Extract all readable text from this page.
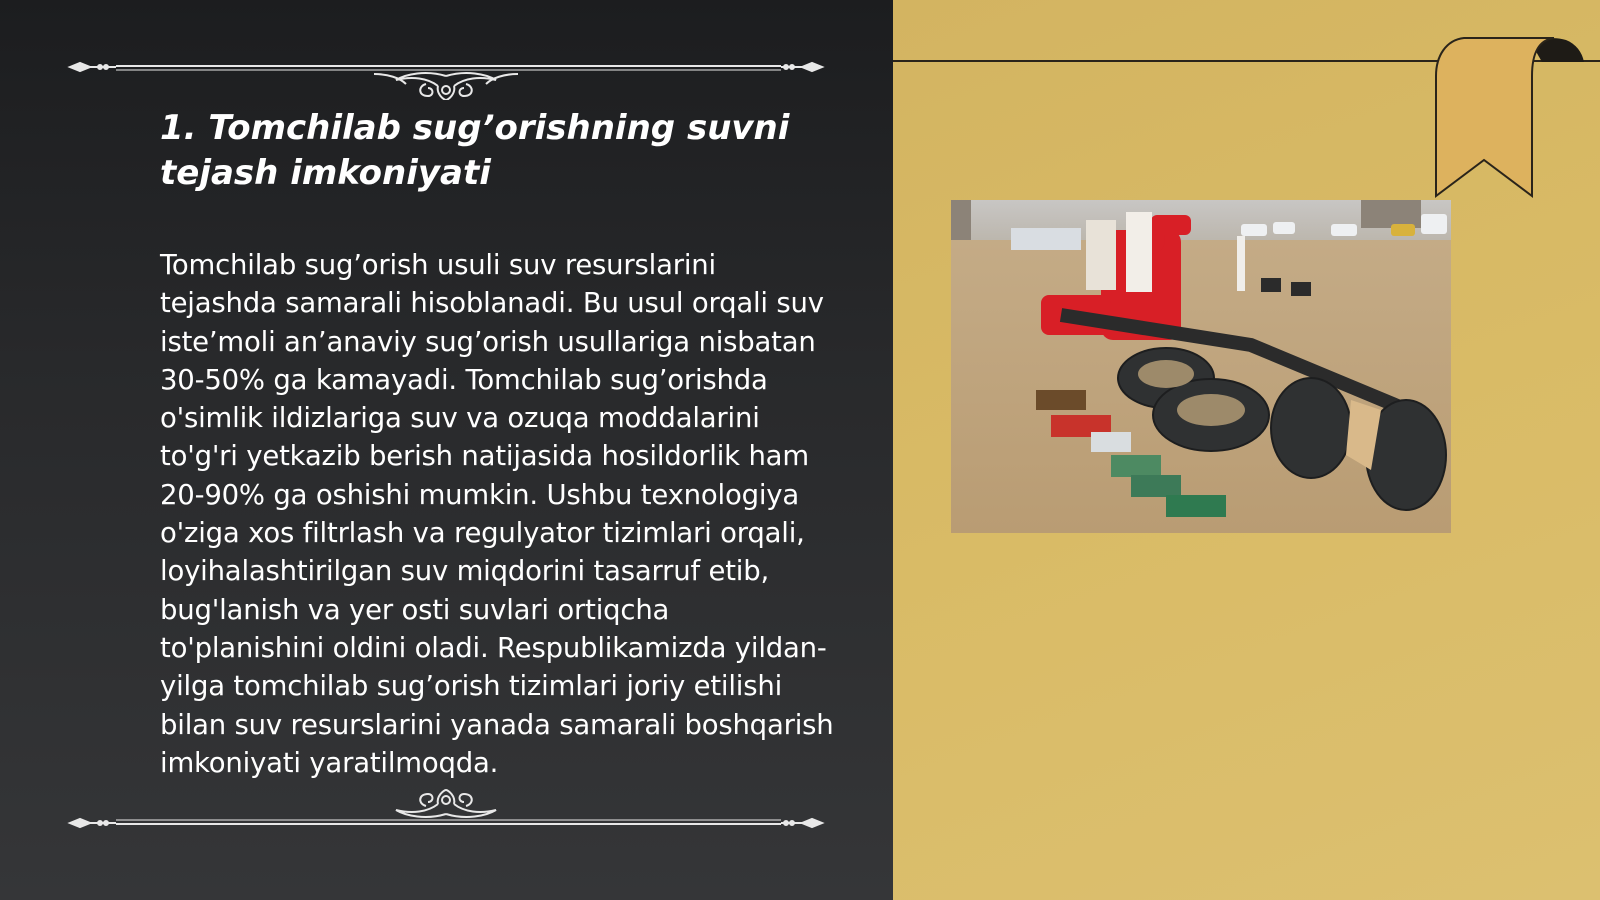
1. Tomchilab sug’orishning suvni tejash imkoniyati

Tomchilab sug’orish usuli suv resurslarini tejashda samarali hisoblanadi. Bu usul orqali suv iste’moli an’anaviy sug’orish usullariga nisbatan 30-50% ga kamayadi. Tomchilab sug’orishda o'simlik ildizlariga suv va ozuqa moddalarini to'g'ri yetkazib berish natijasida hosildorlik ham 20-90% ga oshishi mumkin. Ushbu texnologiya o'ziga xos filtrlash va regulyator tizimlari orqali, loyihalashtirilgan suv miqdorini tasarruf etib, bug'lanish va yer osti suvlari ortiqcha to'planishini oldini oladi. Respublikamizda yildan-yilga tomchilab sug’orish tizimlari joriy etilishi bilan suv resurslarini yanada samarali boshqarish imkoniyati yaratilmoqda.
